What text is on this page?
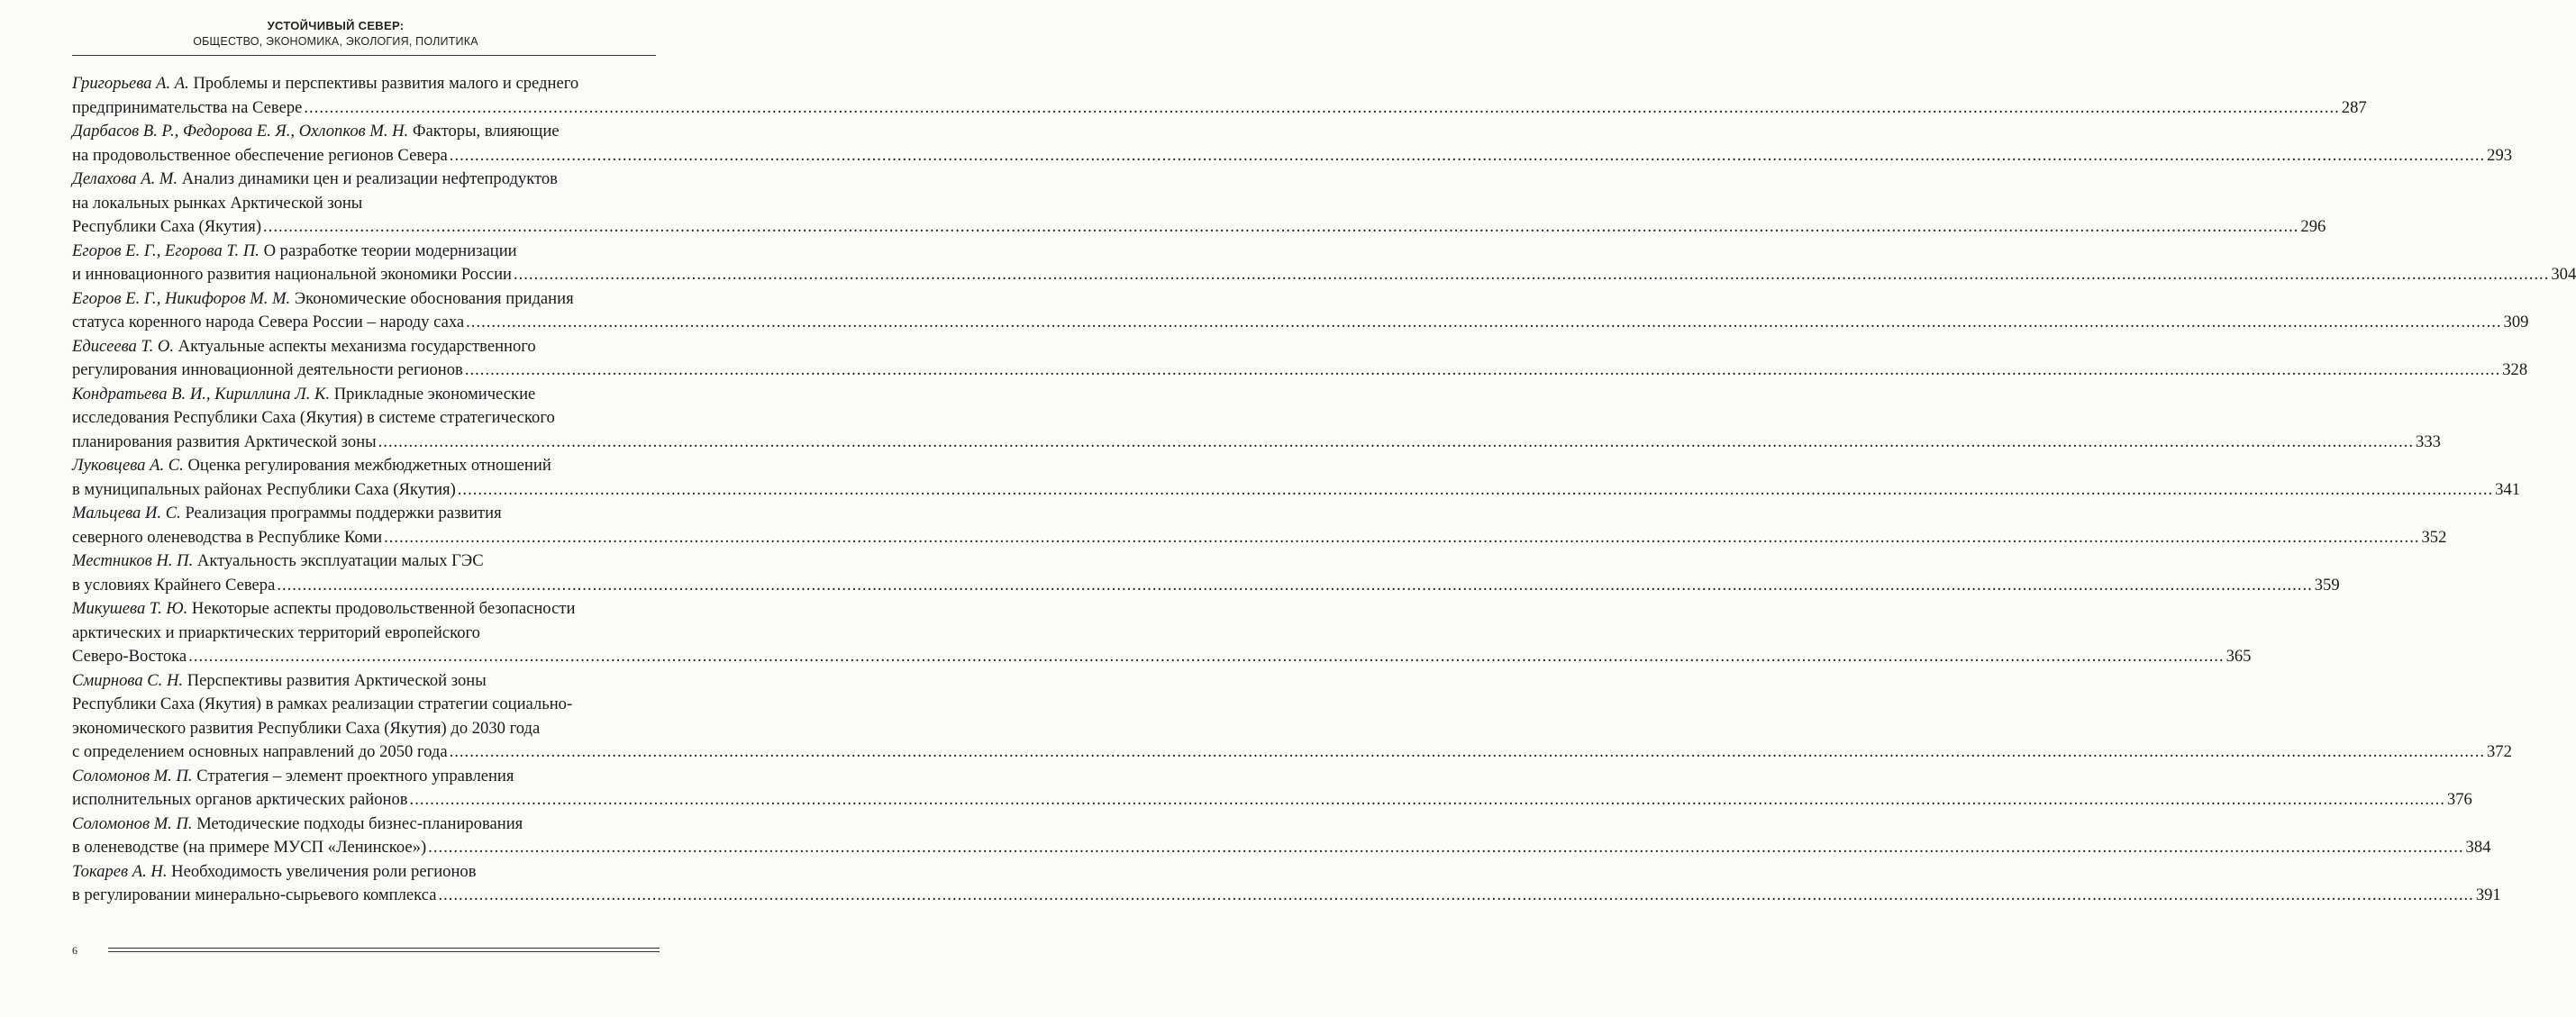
УСТОЙЧИВЫЙ СЕВЕР:
ОБЩЕСТВО, ЭКОНОМИКА, ЭКОЛОГИЯ, ПОЛИТИКА
Григорьева А. А. Проблемы и перспективы развития малого и среднего
предпринимательства на Севере ................................................................................................................................................................................................................................................................................................................................................................................................................ 287
Дарбасов В. Р., Федорова Е. Я., Охлопков М. Н. Факторы, влияющие
на продовольственное обеспечение регионов Севера ................................................................................................................................................................................................................................................................................................................................................................................................................ 293
Делахова А. М. Анализ динамики цен и реализации нефтепродуктов
на локальных рынках Арктической зоны
Республики Саха (Якутия) ................................................................................................................................................................................................................................................................................................................................................................................................................ 296
Егоров Е. Г., Егорова Т. П. О разработке теории модернизации
и инновационного развития национальной экономики России ................................................................................................................................................................................................................................................................................................................................................................................................................ 304
Егоров Е. Г., Никифоров М. М. Экономические обоснования придания
статуса коренного народа Севера России – народу саха ................................................................................................................................................................................................................................................................................................................................................................................................................ 309
Едисеева Т. О. Актуальные аспекты механизма государственного
регулирования инновационной деятельности регионов ................................................................................................................................................................................................................................................................................................................................................................................................................ 328
Кондратьева В. И., Кириллина Л. К. Прикладные экономические
исследования Республики Саха (Якутия) в системе стратегического
планирования развития Арктической зоны ................................................................................................................................................................................................................................................................................................................................................................................................................ 333
Луковцева А. С. Оценка регулирования межбюджетных отношений
в муниципальных районах Республики Саха (Якутия) ................................................................................................................................................................................................................................................................................................................................................................................................................ 341
Мальцева И. С. Реализация программы поддержки развития
северного оленеводства в Республике Коми ................................................................................................................................................................................................................................................................................................................................................................................................................ 352
Местников Н. П. Актуальность эксплуатации малых ГЭС
в условиях Крайнего Севера ................................................................................................................................................................................................................................................................................................................................................................................................................ 359
Микушева Т. Ю. Некоторые аспекты продовольственной безопасности
арктических и приарктических территорий европейского
Северо-Востока ................................................................................................................................................................................................................................................................................................................................................................................................................ 365
Смирнова С. Н. Перспективы развития Арктической зоны
Республики Саха (Якутия) в рамках реализации стратегии социально-
экономического развития Республики Саха (Якутия) до 2030 года
с определением основных направлений до 2050 года ................................................................................................................................................................................................................................................................................................................................................................................................................ 372
Соломонов М. П. Стратегия – элемент проектного управления
исполнительных органов арктических районов ................................................................................................................................................................................................................................................................................................................................................................................................................ 376
Соломонов М. П. Методические подходы бизнес-планирования
в оленеводстве (на примере МУСП «Ленинское») ................................................................................................................................................................................................................................................................................................................................................................................................................ 384
Токарев А. Н. Необходимость увеличения роли регионов
в регулировании минерально-сырьевого комплекса ................................................................................................................................................................................................................................................................................................................................................................................................................ 391
6
